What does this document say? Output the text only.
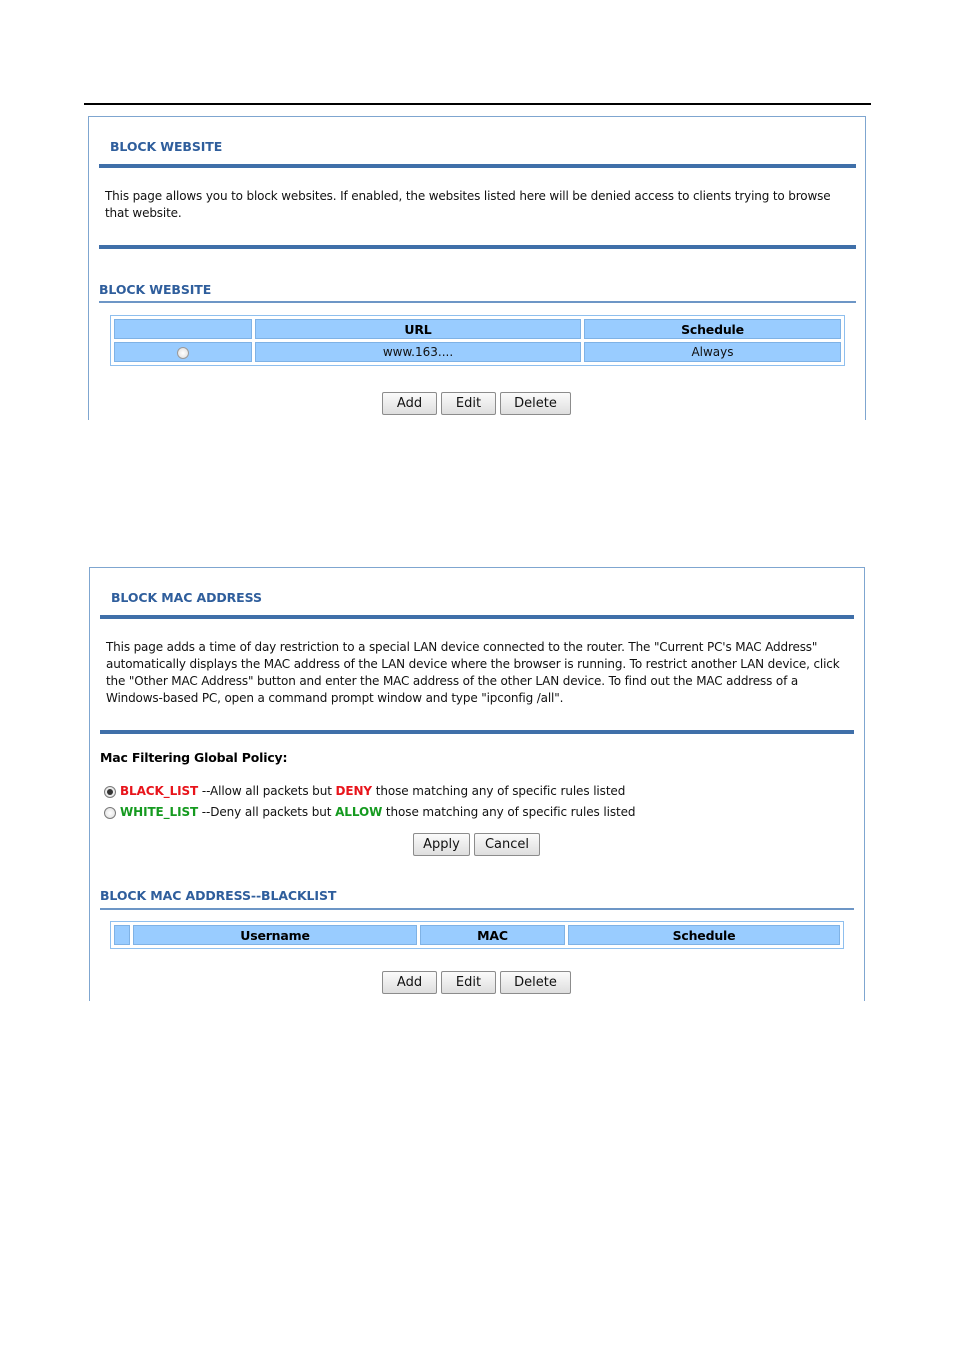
BLOCK WEBSITE
This page allows you to block websites. If enabled, the websites listed here will be denied access to clients trying to browse that website.
BLOCK WEBSITE
	URL	Schedule
	www.163....	Always
Add	Edit	Delete
BLOCK MAC ADDRESS
This page adds a time of day restriction to a special LAN device connected to the router. The "Current PC's MAC Address" automatically displays the MAC address of the LAN device where the browser is running. To restrict another LAN device, click the "Other MAC Address" button and enter the MAC address of the other LAN device. To find out the MAC address of a Windows-based PC, open a command prompt window and type "ipconfig /all".
Mac Filtering Global Policy:
BLACK_LIST --Allow all packets but DENY those matching any of specific rules listed
WHITE_LIST --Deny all packets but ALLOW those matching any of specific rules listed
Apply	Cancel
BLOCK MAC ADDRESS--BLACKLIST
	Username	MAC	Schedule
Add	Edit	Delete
